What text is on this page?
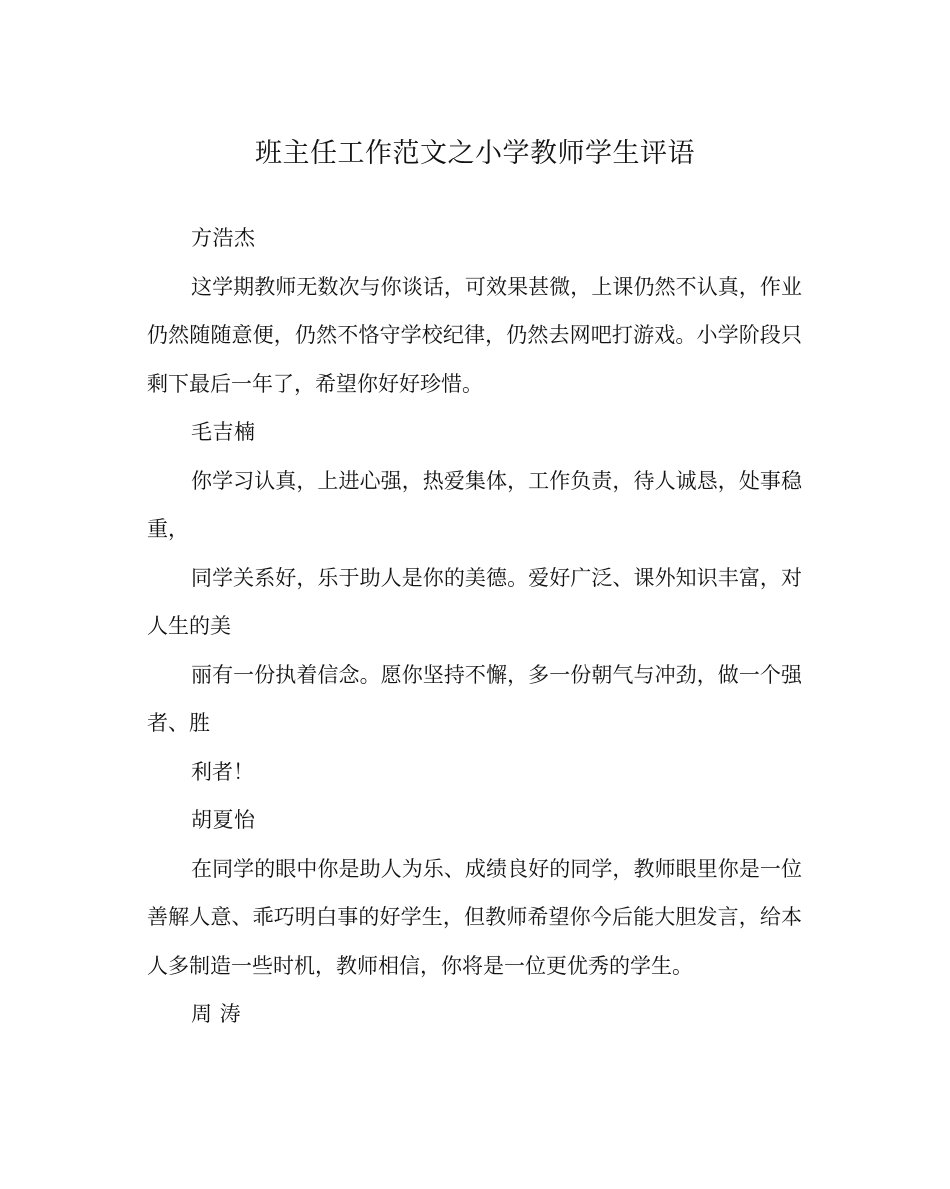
班主任工作范文之小学教师学生评语

方浩杰

这学期教师无数次与你谈话，可效果甚微，上课仍然不认真，作业仍然随随意便，仍然不恪守学校纪律，仍然去网吧打游戏。小学阶段只剩下最后一年了，希望你好好珍惜。

毛吉楠

你学习认真，上进心强，热爱集体，工作负责，待人诚恳，处事稳重，

同学关系好，乐于助人是你的美德。爱好广泛、课外知识丰富，对人生的美

丽有一份执着信念。愿你坚持不懈，多一份朝气与冲劲，做一个强者、胜

利者！

胡夏怡

在同学的眼中你是助人为乐、成绩良好的同学，教师眼里你是一位善解人意、乖巧明白事的好学生，但教师希望你今后能大胆发言，给本人多制造一些时机，教师相信，你将是一位更优秀的学生。

周 涛
